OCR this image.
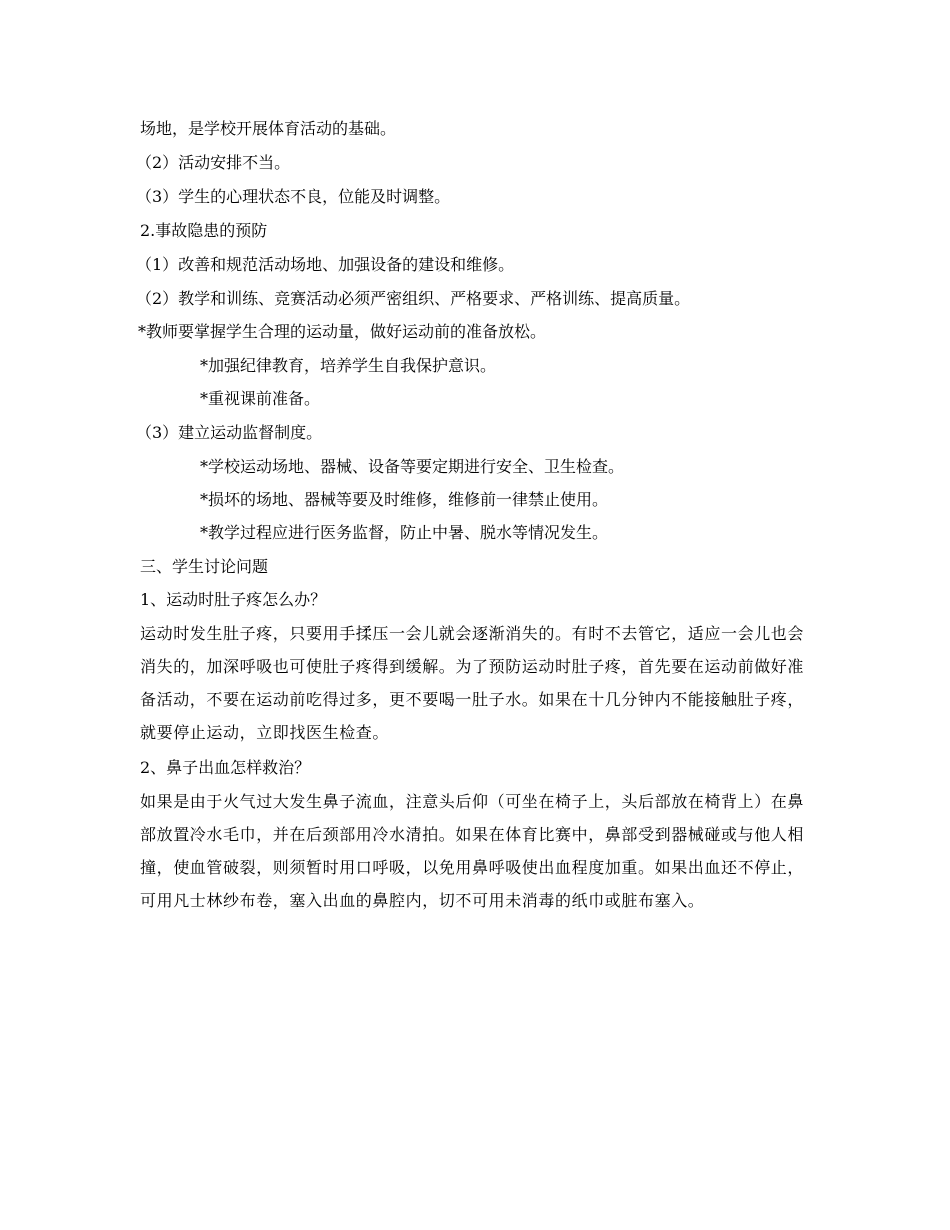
场地，是学校开展体育活动的基础。
（2）活动安排不当。
（3）学生的心理状态不良，位能及时调整。
2.事故隐患的预防
（1）改善和规范活动场地、加强设备的建设和维修。
（2）教学和训练、竞赛活动必须严密组织、严格要求、严格训练、提高质量。
*教师要掌握学生合理的运动量，做好运动前的准备放松。
*加强纪律教育，培养学生自我保护意识。
*重视课前准备。
（3）建立运动监督制度。
*学校运动场地、器械、设备等要定期进行安全、卫生检查。
*损坏的场地、器械等要及时维修，维修前一律禁止使用。
*教学过程应进行医务监督，防止中暑、脱水等情况发生。
三、学生讨论问题
1、运动时肚子疼怎么办？
运动时发生肚子疼，只要用手揉压一会儿就会逐渐消失的。有时不去管它，适应一会儿也会消失的，加深呼吸也可使肚子疼得到缓解。为了预防运动时肚子疼，首先要在运动前做好准备活动，不要在运动前吃得过多，更不要喝一肚子水。如果在十几分钟内不能接触肚子疼，就要停止运动，立即找医生检查。
2、鼻子出血怎样救治？
如果是由于火气过大发生鼻子流血，注意头后仰（可坐在椅子上，头后部放在椅背上）在鼻部放置冷水毛巾，并在后颈部用冷水清拍。如果在体育比赛中，鼻部受到器械碰或与他人相撞，使血管破裂，则须暂时用口呼吸，以免用鼻呼吸使出血程度加重。如果出血还不停止，可用凡士林纱布卷，塞入出血的鼻腔内，切不可用未消毒的纸巾或脏布塞入。
